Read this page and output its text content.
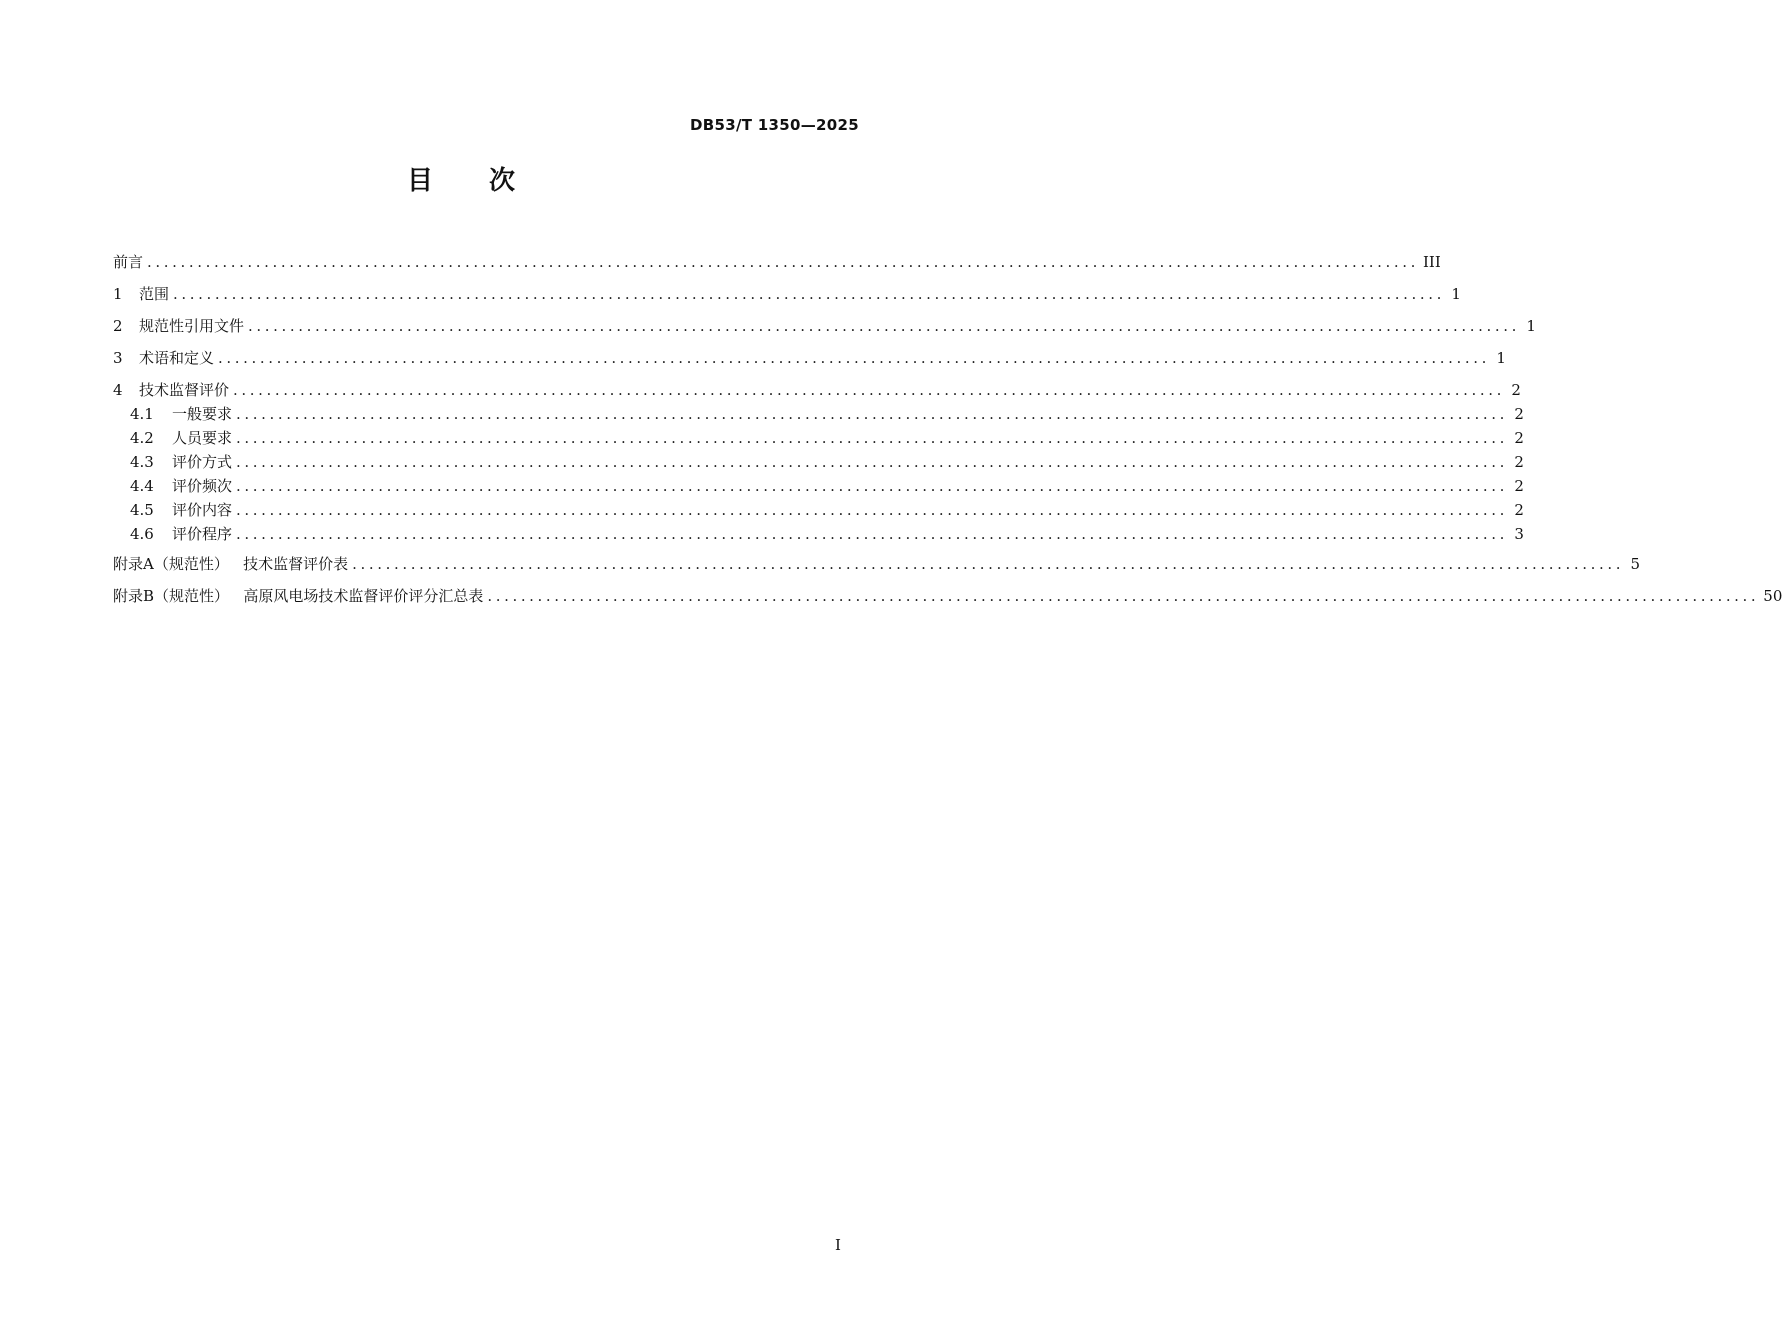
DB53/T 1350—2025
目次
前言 ........................................................................................................................................................ III
1	范围 ........................................................................................................................................................ 1
2	规范性引用文件 ........................................................................................................................................................ 1
3	术语和定义 ........................................................................................................................................................ 1
4	技术监督评价 ........................................................................................................................................................ 2
4.1	一般要求 ........................................................................................................................................................ 2
4.2	人员要求 ........................................................................................................................................................ 2
4.3	评价方式 ........................................................................................................................................................ 2
4.4	评价频次 ........................................................................................................................................................ 2
4.5	评价内容 ........................................................................................................................................................ 2
4.6	评价程序 ........................................................................................................................................................ 3
附录A（规范性）   技术监督评价表 ........................................................................................................................................................ 5
附录B（规范性）   高原风电场技术监督评价评分汇总表 ........................................................................................................................................................ 50
I
